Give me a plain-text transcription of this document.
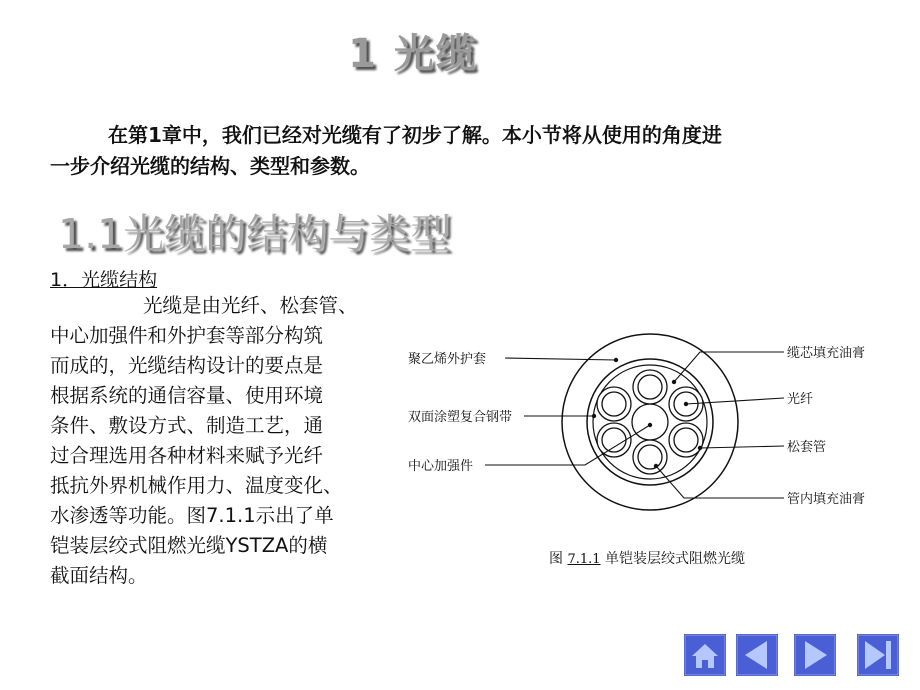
1 光缆
在第1章中，我们已经对光缆有了初步了解。本小节将从使用的角度进
一步介绍光缆的结构、类型和参数。
1.1光缆的结构与类型
1．光缆结构
光缆是由光纤、松套管、
中心加强件和外护套等部分构筑
而成的，光缆结构设计的要点是
根据系统的通信容量、使用环境
条件、敷设方式、制造工艺，通
过合理选用各种材料来赋予光纤
抵抗外界机械作用力、温度变化、
水渗透等功能。图7.1.1示出了单
铠装层绞式阻燃光缆YSTZA的横
截面结构。
聚乙烯外护套
双面涂塑复合钢带
中心加强件
缆芯填充油膏
光纤
松套管
管内填充油膏
图 7.1.1 单铠装层绞式阻燃光缆
